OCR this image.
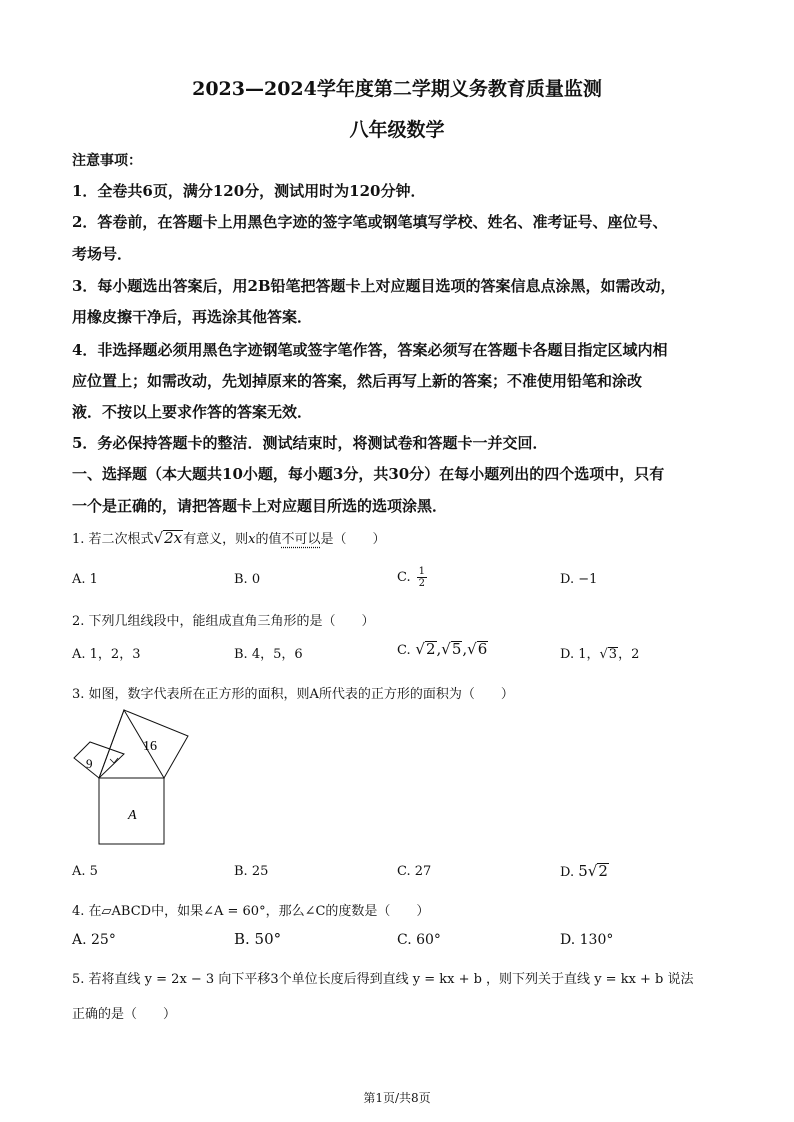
2023—2024学年度第二学期义务教育质量监测
八年级数学
注意事项：
1．全卷共6页，满分120分，测试用时为120分钟．
2．答卷前，在答题卡上用黑色字迹的签字笔或钢笔填写学校、姓名、准考证号、座位号、
考场号．
3．每小题选出答案后，用2B铅笔把答题卡上对应题目选项的答案信息点涂黑，如需改动，
用橡皮擦干净后，再选涂其他答案．
4．非选择题必须用黑色字迹钢笔或签字笔作答，答案必须写在答题卡各题目指定区域内相
应位置上；如需改动，先划掉原来的答案，然后再写上新的答案；不准使用铅笔和涂改
液．不按以上要求作答的答案无效．
5．务必保持答题卡的整洁．测试结束时，将测试卷和答题卡一并交回．
一、选择题（本大题共10小题，每小题3分，共30分）在每小题列出的四个选项中，只有
一个是正确的，请把答题卡上对应题目所选的选项涂黑．
1. 若二次根式√2x有意义，则x的值不可以是（　　）
A. 1	B. 0	C. $\frac{1}{2}$	D. −1
2. 下列几组线段中，能组成直角三角形的是（　　）
A. 1，2，3	B. 4，5，6	C. √2,√5,√6	D. 1，√3，2
3. 如图，数字代表所在正方形的面积，则A所代表的正方形的面积为（　　）
9
16
A
A. 5	B. 25	C. 27	D. 5√2
4. 在▱ABCD中，如果∠A = 60°，那么∠C的度数是（　　）
A. 25°	B. 50°	C. 60°	D. 130°
5. 若将直线 y = 2x − 3 向下平移3个单位长度后得到直线 y = kx + b ，则下列关于直线 y = kx + b 说法
正确的是（　　）
第1页/共8页
